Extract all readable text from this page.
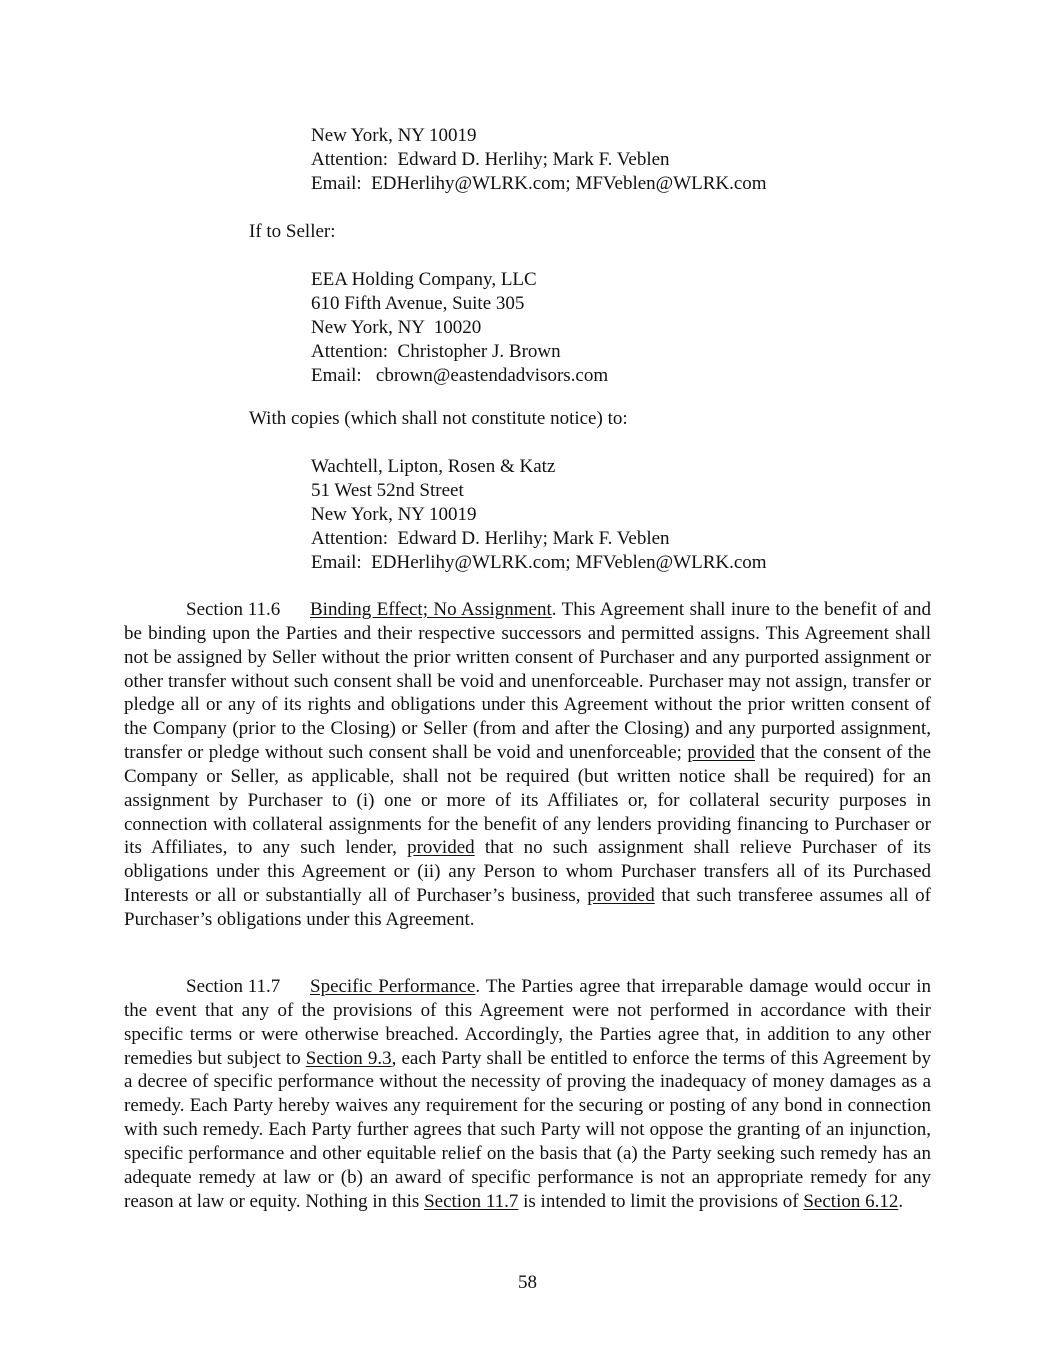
New York, NY 10019
Attention:  Edward D. Herlihy; Mark F. Veblen
Email:  EDHerlihy@WLRK.com; MFVeblen@WLRK.com
If to Seller:
EEA Holding Company, LLC
610 Fifth Avenue, Suite 305
New York, NY  10020
Attention:  Christopher J. Brown
Email:   cbrown@eastendadvisors.com
With copies (which shall not constitute notice) to:
Wachtell, Lipton, Rosen & Katz
51 West 52nd Street
New York, NY 10019
Attention:  Edward D. Herlihy; Mark F. Veblen
Email:  EDHerlihy@WLRK.com; MFVeblen@WLRK.com

Section 11.6 Binding Effect; No Assignment. This Agreement shall inure to the benefit of and be binding upon the Parties and their respective successors and permitted assigns. This Agreement shall not be assigned by Seller without the prior written consent of Purchaser and any purported assignment or other transfer without such consent shall be void and unenforceable. Purchaser may not assign, transfer or pledge all or any of its rights and obligations under this Agreement without the prior written consent of the Company (prior to the Closing) or Seller (from and after the Closing) and any purported assignment, transfer or pledge without such consent shall be void and unenforceable; provided that the consent of the Company or Seller, as applicable, shall not be required (but written notice shall be required) for an assignment by Purchaser to (i) one or more of its Affiliates or, for collateral security purposes in connection with collateral assignments for the benefit of any lenders providing financing to Purchaser or its Affiliates, to any such lender, provided that no such assignment shall relieve Purchaser of its obligations under this Agreement or (ii) any Person to whom Purchaser transfers all of its Purchased Interests or all or substantially all of Purchaser’s business, provided that such transferee assumes all of Purchaser’s obligations under this Agreement.

Section 11.7 Specific Performance. The Parties agree that irreparable damage would occur in the event that any of the provisions of this Agreement were not performed in accordance with their specific terms or were otherwise breached. Accordingly, the Parties agree that, in addition to any other remedies but subject to Section 9.3, each Party shall be entitled to enforce the terms of this Agreement by a decree of specific performance without the necessity of proving the inadequacy of money damages as a remedy. Each Party hereby waives any requirement for the securing or posting of any bond in connection with such remedy. Each Party further agrees that such Party will not oppose the granting of an injunction, specific performance and other equitable relief on the basis that (a) the Party seeking such remedy has an adequate remedy at law or (b) an award of specific performance is not an appropriate remedy for any reason at law or equity. Nothing in this Section 11.7 is intended to limit the provisions of Section 6.12.

58
